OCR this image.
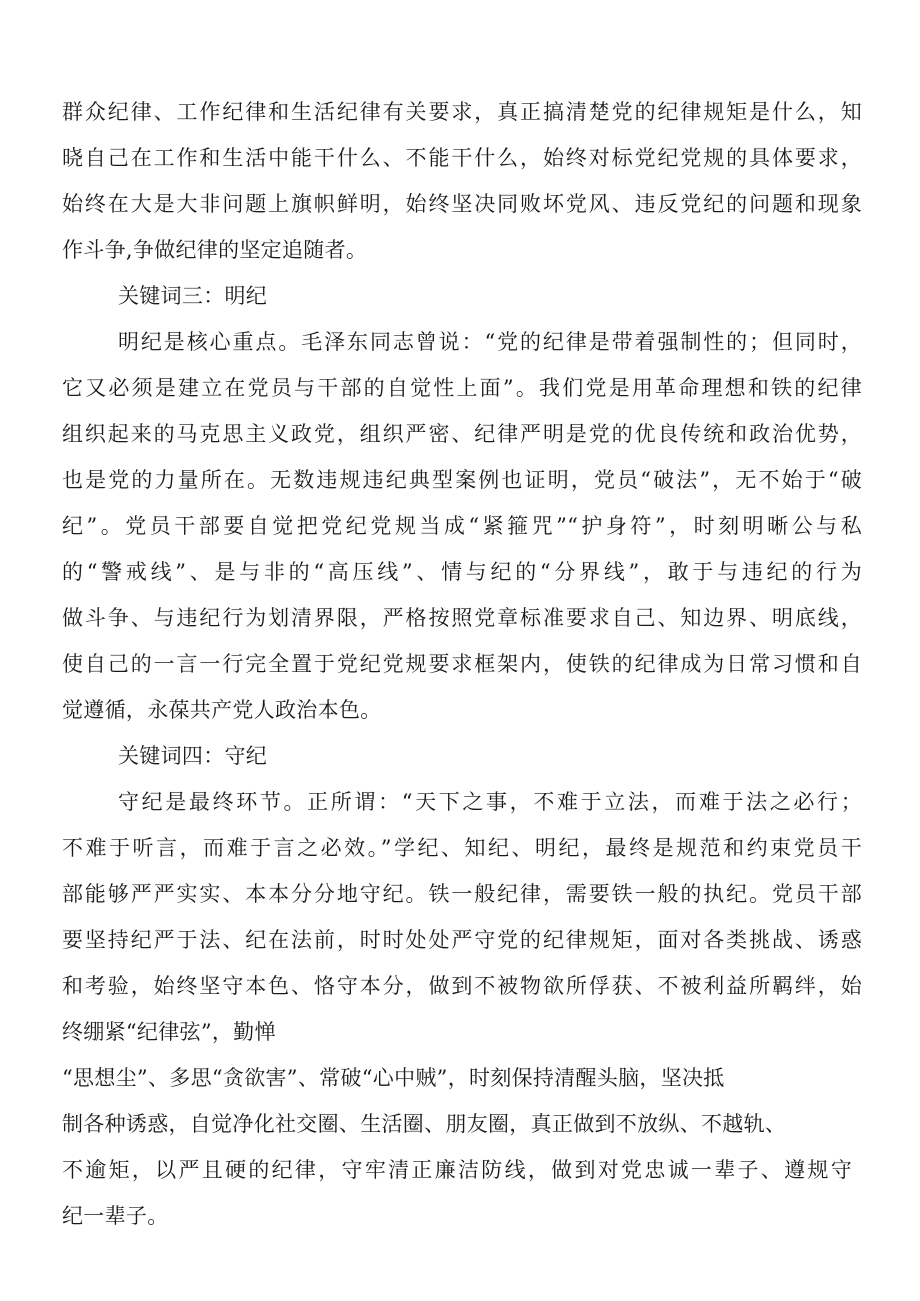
群众纪律、工作纪律和生活纪律有关要求，真正搞清楚党的纪律规矩是什么，知
晓自己在工作和生活中能干什么、不能干什么，始终对标党纪党规的具体要求，
始终在大是大非问题上旗帜鲜明，始终坚决同败坏党风、违反党纪的问题和现象
作斗争,争做纪律的坚定追随者。
关键词三：明纪
明纪是核心重点。毛泽东同志曾说：“党的纪律是带着强制性的；但同时，
它又必须是建立在党员与干部的自觉性上面”。我们党是用革命理想和铁的纪律
组织起来的马克思主义政党，组织严密、纪律严明是党的优良传统和政治优势，
也是党的力量所在。无数违规违纪典型案例也证明，党员“破法”，无不始于“破
纪”。党员干部要自觉把党纪党规当成“紧箍咒”“护身符”，时刻明晰公与私
的“警戒线”、是与非的“高压线”、情与纪的“分界线”，敢于与违纪的行为
做斗争、与违纪行为划清界限，严格按照党章标准要求自己、知边界、明底线，
使自己的一言一行完全置于党纪党规要求框架内，使铁的纪律成为日常习惯和自
觉遵循，永葆共产党人政治本色。
关键词四：守纪
守纪是最终环节。正所谓：“天下之事，不难于立法，而难于法之必行；
不难于听言，而难于言之必效。”学纪、知纪、明纪，最终是规范和约束党员干
部能够严严实实、本本分分地守纪。铁一般纪律，需要铁一般的执纪。党员干部
要坚持纪严于法、纪在法前，时时处处严守党的纪律规矩，面对各类挑战、诱惑
和考验，始终坚守本色、恪守本分，做到不被物欲所俘获、不被利益所羁绊，始
终绷紧“纪律弦”，勤惮
“思想尘”、多思“贪欲害”、常破“心中贼”，时刻保持清醒头脑，坚决抵
制各种诱惑，自觉净化社交圈、生活圈、朋友圈，真正做到不放纵、不越轨、
不逾矩，以严且硬的纪律，守牢清正廉洁防线，做到对党忠诚一辈子、遵规守
纪一辈子。
